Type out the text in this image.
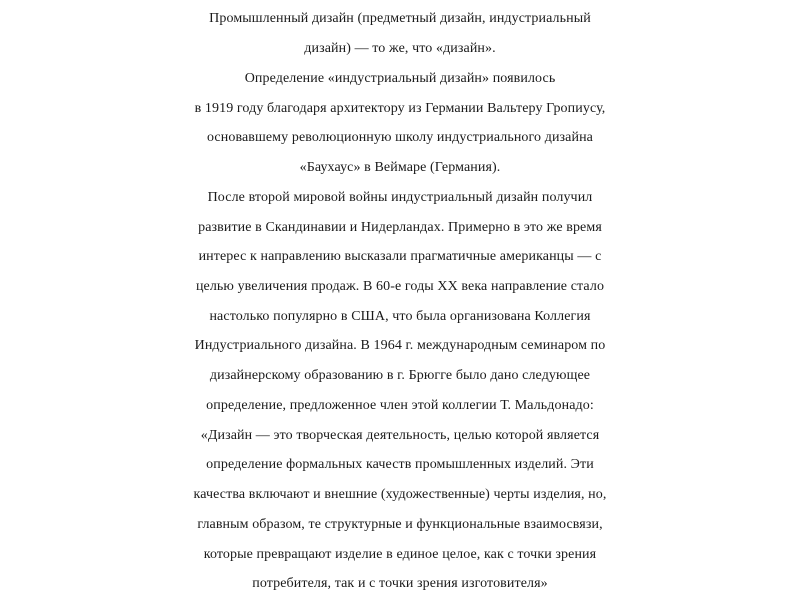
Промышленный дизайн (предметный дизайн, индустриальный
дизайн) — то же, что «дизайн».
Определение «индустриальный дизайн» появилось
в 1919 году благодаря архитектору из Германии Вальтеру Гропиусу,
основавшему революционную школу индустриального дизайна
«Баухаус» в Веймаре (Германия).
После второй мировой войны индустриальный дизайн получил
развитие в Скандинавии и Нидерландах. Примерно в это же время
интерес к направлению высказали прагматичные американцы — с
целью увеличения продаж. В 60-е годы XX века направление стало
настолько популярно в США, что была организована Коллегия
Индустриального дизайна. В 1964 г. международным семинаром по
дизайнерскому образованию в г. Брюгге было дано следующее
определение, предложенное член этой коллегии Т. Мальдонадо:
«Дизайн — это творческая деятельность, целью которой является
определение формальных качеств промышленных изделий. Эти
качества включают и внешние (художественные) черты изделия, но,
главным образом, те структурные и функциональные взаимосвязи,
которые превращают изделие в единое целое, как с точки зрения
потребителя, так и с точки зрения изготовителя»
